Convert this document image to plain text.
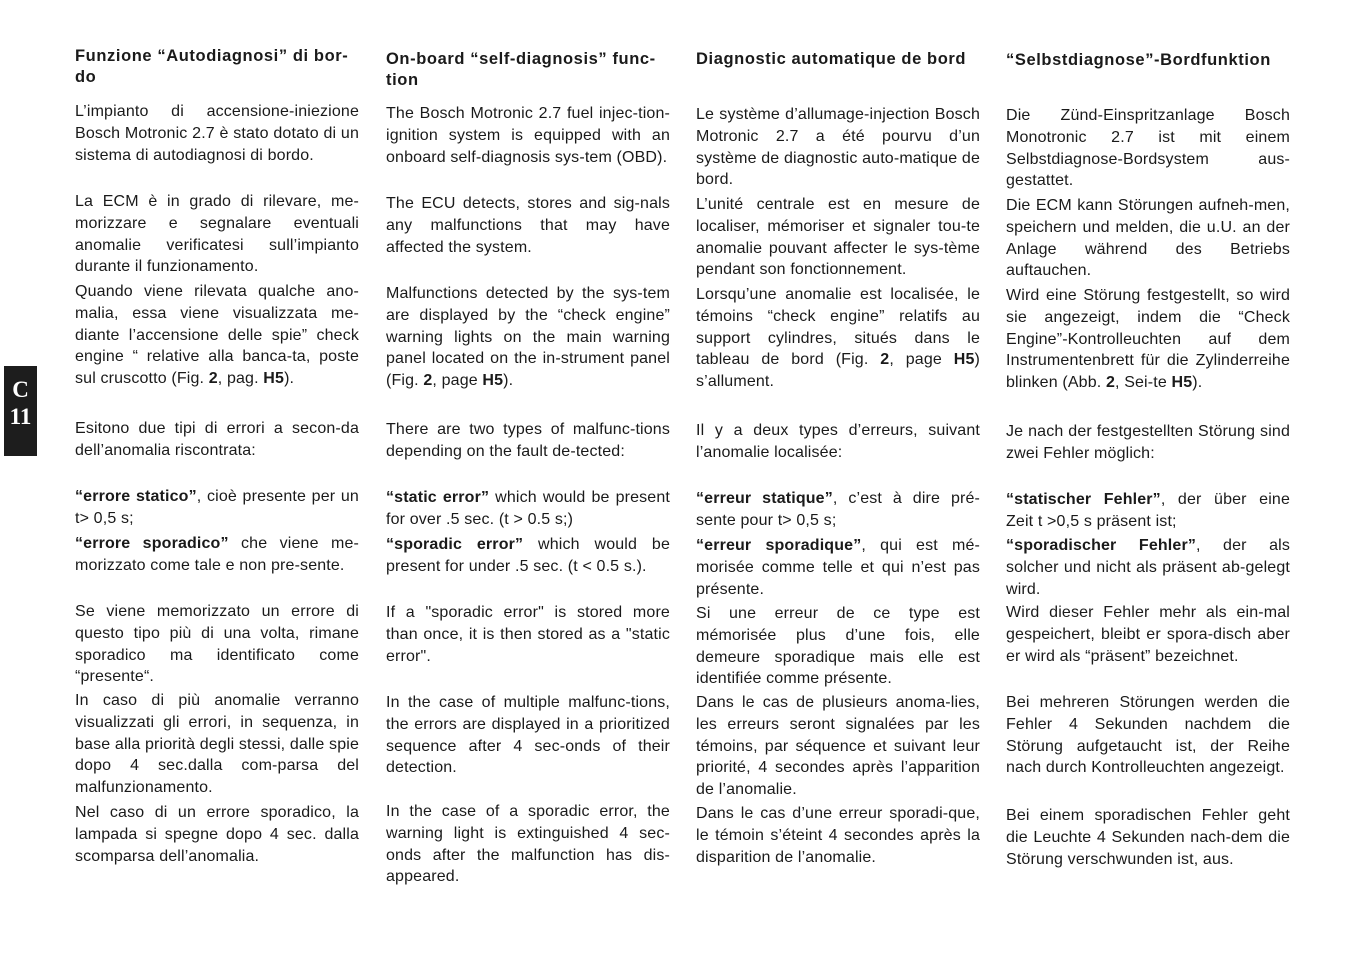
C
11
Funzione “Autodiagnosi” di bor-do

L’impianto di accensione-iniezione Bosch Motronic 2.7 è stato dotato di un sistema di autodiagnosi di bordo.

La ECM è in grado di rilevare, me-morizzare e segnalare eventuali anomalie verificatesi sull’impianto durante il funzionamento.

Quando viene rilevata qualche ano-malia, essa viene visualizzata me-diante l’accensione delle spie” check engine “ relative alla banca-ta, poste sul cruscotto (Fig. 2, pag. H5).

Esitono due tipi di errori a secon-da dell’anomalia riscontrata:

“errore statico”, cioè presente per un t> 0,5 s;

“errore sporadico” che viene me-morizzato come tale e non pre-sente.

Se viene memorizzato un errore di questo tipo più di una volta, rimane sporadico ma identificato come “presente“.

In caso di più anomalie verranno visualizzati gli errori, in sequenza, in base alla priorità degli stessi, dalle spie dopo 4 sec.dalla com-parsa del malfunzionamento.

Nel caso di un errore sporadico, la lampada si spegne dopo 4 sec. dalla scomparsa dell’anomalia.

On-board “self-diagnosis” func-tion

The Bosch Motronic 2.7 fuel injec-tion-ignition system is equipped with an onboard self-diagnosis sys-tem (OBD).

The ECU detects, stores and sig-nals any malfunctions that may have affected the system.

Malfunctions detected by the sys-tem are displayed by the “check engine” warning lights on the main warning panel located on the in-strument panel (Fig. 2, page H5).

There are two types of malfunc-tions depending on the fault de-tected:

“static error” which would be present for over .5 sec. (t > 0.5 s;)

“sporadic error” which would be present for under .5 sec. (t < 0.5 s.).

If a "sporadic error" is stored more than once, it is then stored as a "static error".

In the case of multiple malfunc-tions, the errors are displayed in a prioritized sequence after 4 sec-onds of their detection.

In the case of a sporadic error, the warning light is extinguished 4 sec-onds after the malfunction has dis-appeared.

Diagnostic automatique de bord

Le système d’allumage-injection Bosch Motronic 2.7 a été pourvu d’un système de diagnostic auto-matique de bord.

L’unité centrale est en mesure de localiser, mémoriser et signaler tou-te anomalie pouvant affecter le sys-tème pendant son fonctionnement.

Lorsqu’une anomalie est localisée, le témoins “check engine” relatifs au support cylindres, situés dans le tableau de bord (Fig. 2, page H5) s’allument.

Il y a deux types d’erreurs, suivant l’anomalie localisée:

“erreur statique”, c’est à dire pré-sente pour t> 0,5 s;

“erreur sporadique”, qui est mé-morisée comme telle et qui n’est pas présente.

Si une erreur de ce type est mémorisée plus d’une fois, elle demeure sporadique mais elle est identifiée comme présente.

Dans le cas de plusieurs anoma-lies, les erreurs seront signalées par les témoins, par séquence et suivant leur priorité, 4 secondes après l’apparition de l’anomalie.

Dans le cas d’une erreur sporadi-que, le témoin s’éteint 4 secondes après la disparition de l’anomalie.

“Selbstdiagnose”-Bordfunktion

Die Zünd-Einspritzanlage Bosch Monotronic 2.7 ist mit einem Selbstdiagnose-Bordsystem aus-gestattet.

Die ECM kann Störungen aufneh-men, speichern und melden, die u.U. an der Anlage während des Betriebs auftauchen.

Wird eine Störung festgestellt, so wird sie angezeigt, indem die “Check Engine”-Kontrolleuchten auf dem Instrumentenbrett für die Zylinderreihe blinken (Abb. 2, Sei-te H5).

Je nach der festgestellten Störung sind zwei Fehler möglich:

“statischer Fehler”, der über eine Zeit t >0,5 s präsent ist;

“sporadischer Fehler”, der als solcher und nicht als präsent ab-gelegt wird.

Wird dieser Fehler mehr als ein-mal gespeichert, bleibt er spora-disch aber er wird als “präsent” bezeichnet.

Bei mehreren Störungen werden die Fehler 4 Sekunden nachdem die Störung aufgetaucht ist, der Reihe nach durch Kontrolleuchten angezeigt.

Bei einem sporadischen Fehler geht die Leuchte 4 Sekunden nach-dem die Störung verschwunden ist, aus.
